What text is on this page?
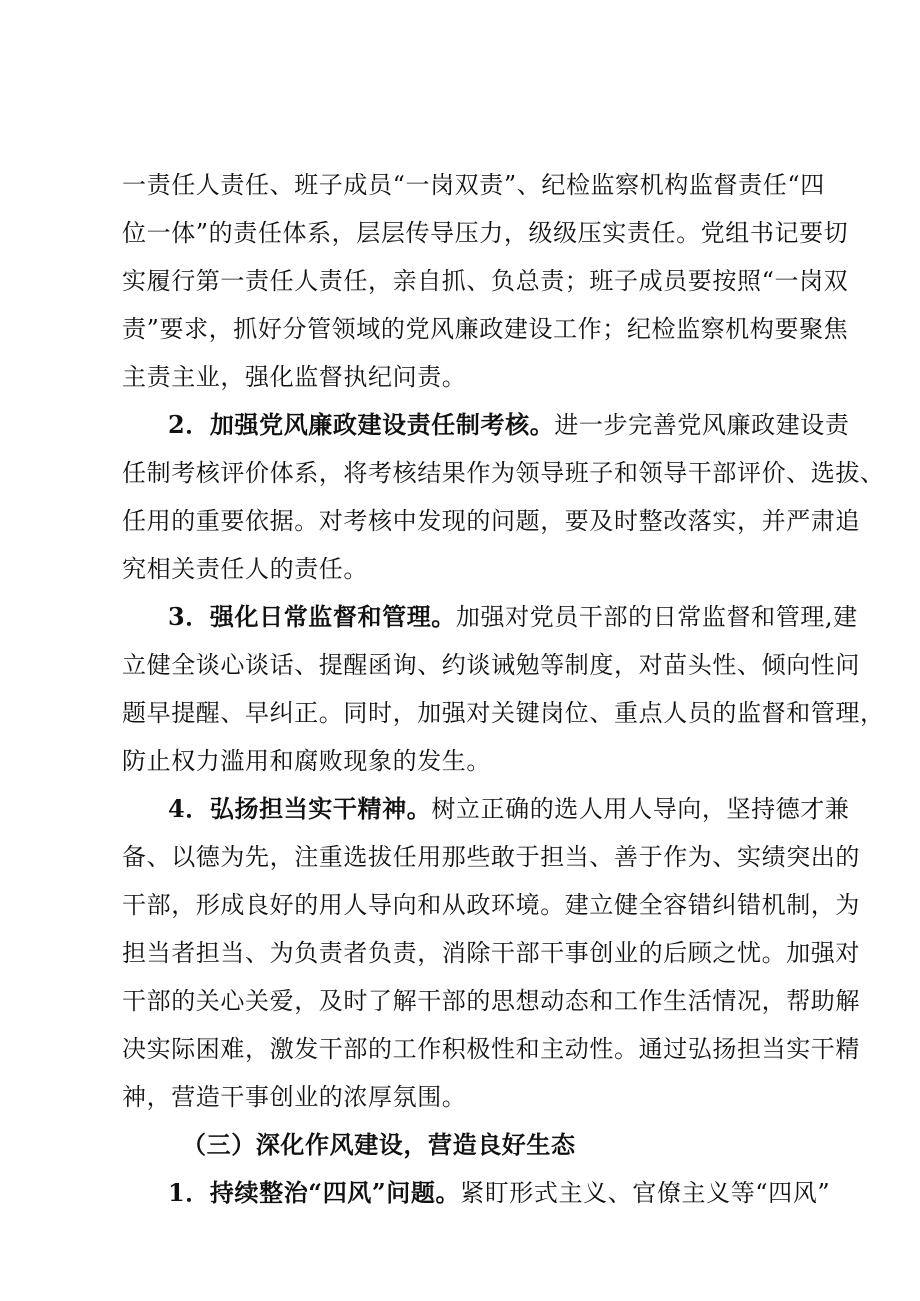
一责任人责任、班子成员“一岗双责”、纪检监察机构监督责任“四
位一体”的责任体系，层层传导压力，级级压实责任。党组书记要切
实履行第一责任人责任，亲自抓、负总责；班子成员要按照“一岗双
责”要求，抓好分管领域的党风廉政建设工作；纪检监察机构要聚焦
主责主业，强化监督执纪问责。
2．加强党风廉政建设责任制考核。进一步完善党风廉政建设责
任制考核评价体系，将考核结果作为领导班子和领导干部评价、选拔、
任用的重要依据。对考核中发现的问题，要及时整改落实，并严肃追
究相关责任人的责任。
3．强化日常监督和管理。加强对党员干部的日常监督和管理,建
立健全谈心谈话、提醒函询、约谈诫勉等制度，对苗头性、倾向性问
题早提醒、早纠正。同时，加强对关键岗位、重点人员的监督和管理，
防止权力滥用和腐败现象的发生。
4．弘扬担当实干精神。树立正确的选人用人导向，坚持德才兼
备、以德为先，注重选拔任用那些敢于担当、善于作为、实绩突出的
干部，形成良好的用人导向和从政环境。建立健全容错纠错机制，为
担当者担当、为负责者负责，消除干部干事创业的后顾之忧。加强对
干部的关心关爱，及时了解干部的思想动态和工作生活情况，帮助解
决实际困难，激发干部的工作积极性和主动性。通过弘扬担当实干精
神，营造干事创业的浓厚氛围。
（三）深化作风建设，营造良好生态
1．持续整治“四风”问题。紧盯形式主义、官僚主义等“四风”
